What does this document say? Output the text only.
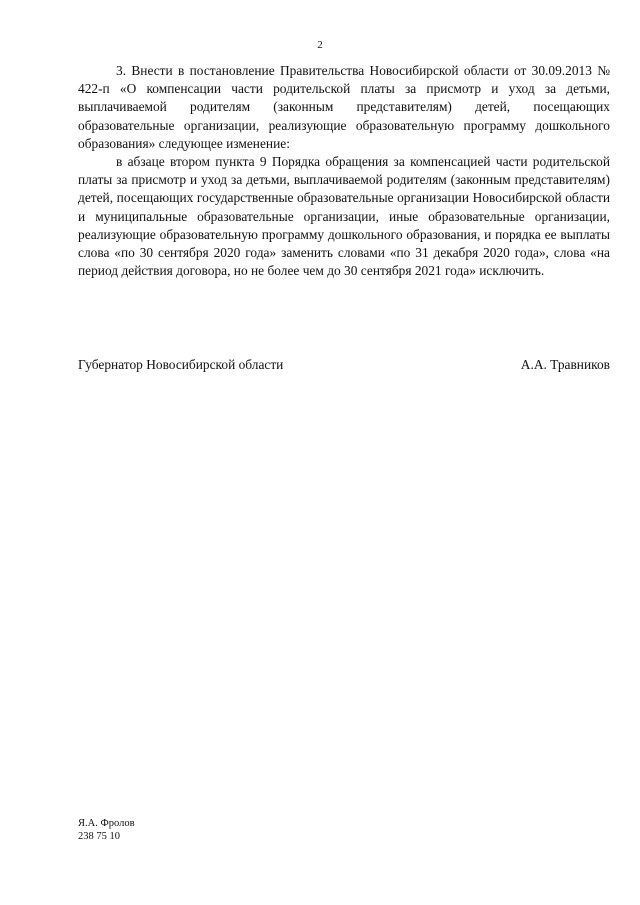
2

3. Внести в постановление Правительства Новосибирской области от 30.09.2013 № 422-п «О компенсации части родительской платы за присмотр и уход за детьми, выплачиваемой родителям (законным представителям) детей, посещающих образовательные организации, реализующие образовательную программу дошкольного образования» следующее изменение:

в абзаце втором пункта 9 Порядка обращения за компенсацией части родительской платы за присмотр и уход за детьми, выплачиваемой родителям (законным представителям) детей, посещающих государственные образовательные организации Новосибирской области и муниципальные образовательные организации, иные образовательные организации, реализующие образовательную программу дошкольного образования, и порядка ее выплаты слова «по 30 сентября 2020 года» заменить словами «по 31 декабря 2020 года», слова «на период действия договора, но не более чем до 30 сентября 2021 года» исключить.

Губернатор Новосибирской области	А.А. Травников
Я.А. Фролов
238 75 10
